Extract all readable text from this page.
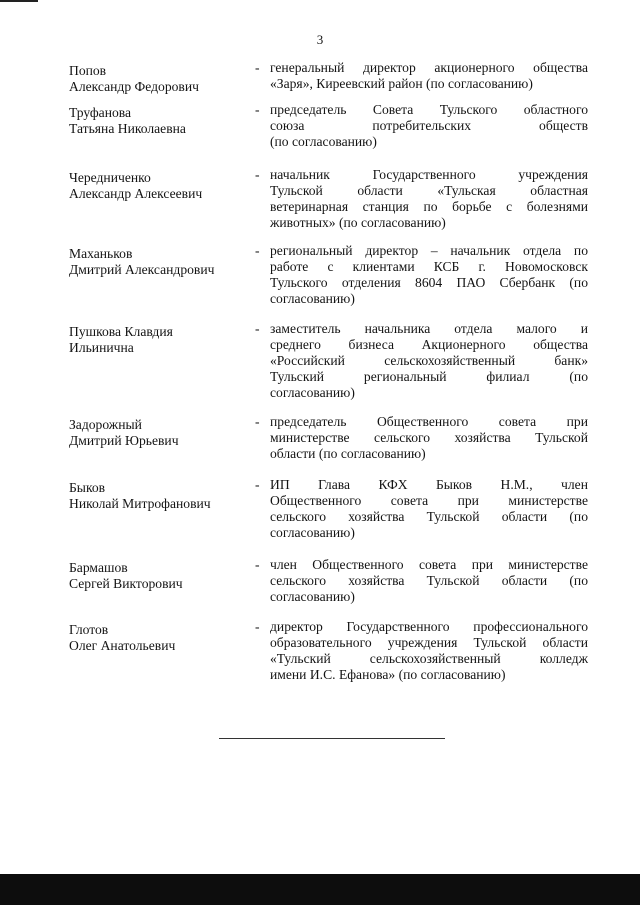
3
Попов
Александр Федорович
- генеральный директор акционерного общества
«Заря», Киреевский район (по согласованию)
Труфанова
Татьяна Николаевна
- председатель Совета Тульского областного
союза потребительских обществ
(по согласованию)
Чередниченко
Александр Алексеевич
- начальник Государственного учреждения
Тульской области «Тульская областная
ветеринарная станция по борьбе с болезнями
животных» (по согласованию)
Маханьков
Дмитрий Александрович
- региональный директор – начальник отдела по
работе с клиентами КСБ г. Новомосковск
Тульского отделения 8604 ПАО Сбербанк (по
согласованию)
Пушкова Клавдия
Ильинична
- заместитель начальника отдела малого и
среднего бизнеса Акционерного общества
«Российский сельскохозяйственный банк»
Тульский региональный филиал (по
согласованию)
Задорожный
Дмитрий Юрьевич
- председатель Общественного совета при
министерстве сельского хозяйства Тульской
области (по согласованию)
Быков
Николай Митрофанович
- ИП Глава КФХ Быков Н.М., член
Общественного совета при министерстве
сельского хозяйства Тульской области (по
согласованию)
Бармашов
Сергей Викторович
- член Общественного совета при министерстве
сельского хозяйства Тульской области (по
согласованию)
Глотов
Олег Анатольевич
- директор Государственного профессионального
образовательного учреждения Тульской области
«Тульский сельскохозяйственный колледж
имени И.С. Ефанова» (по согласованию)
